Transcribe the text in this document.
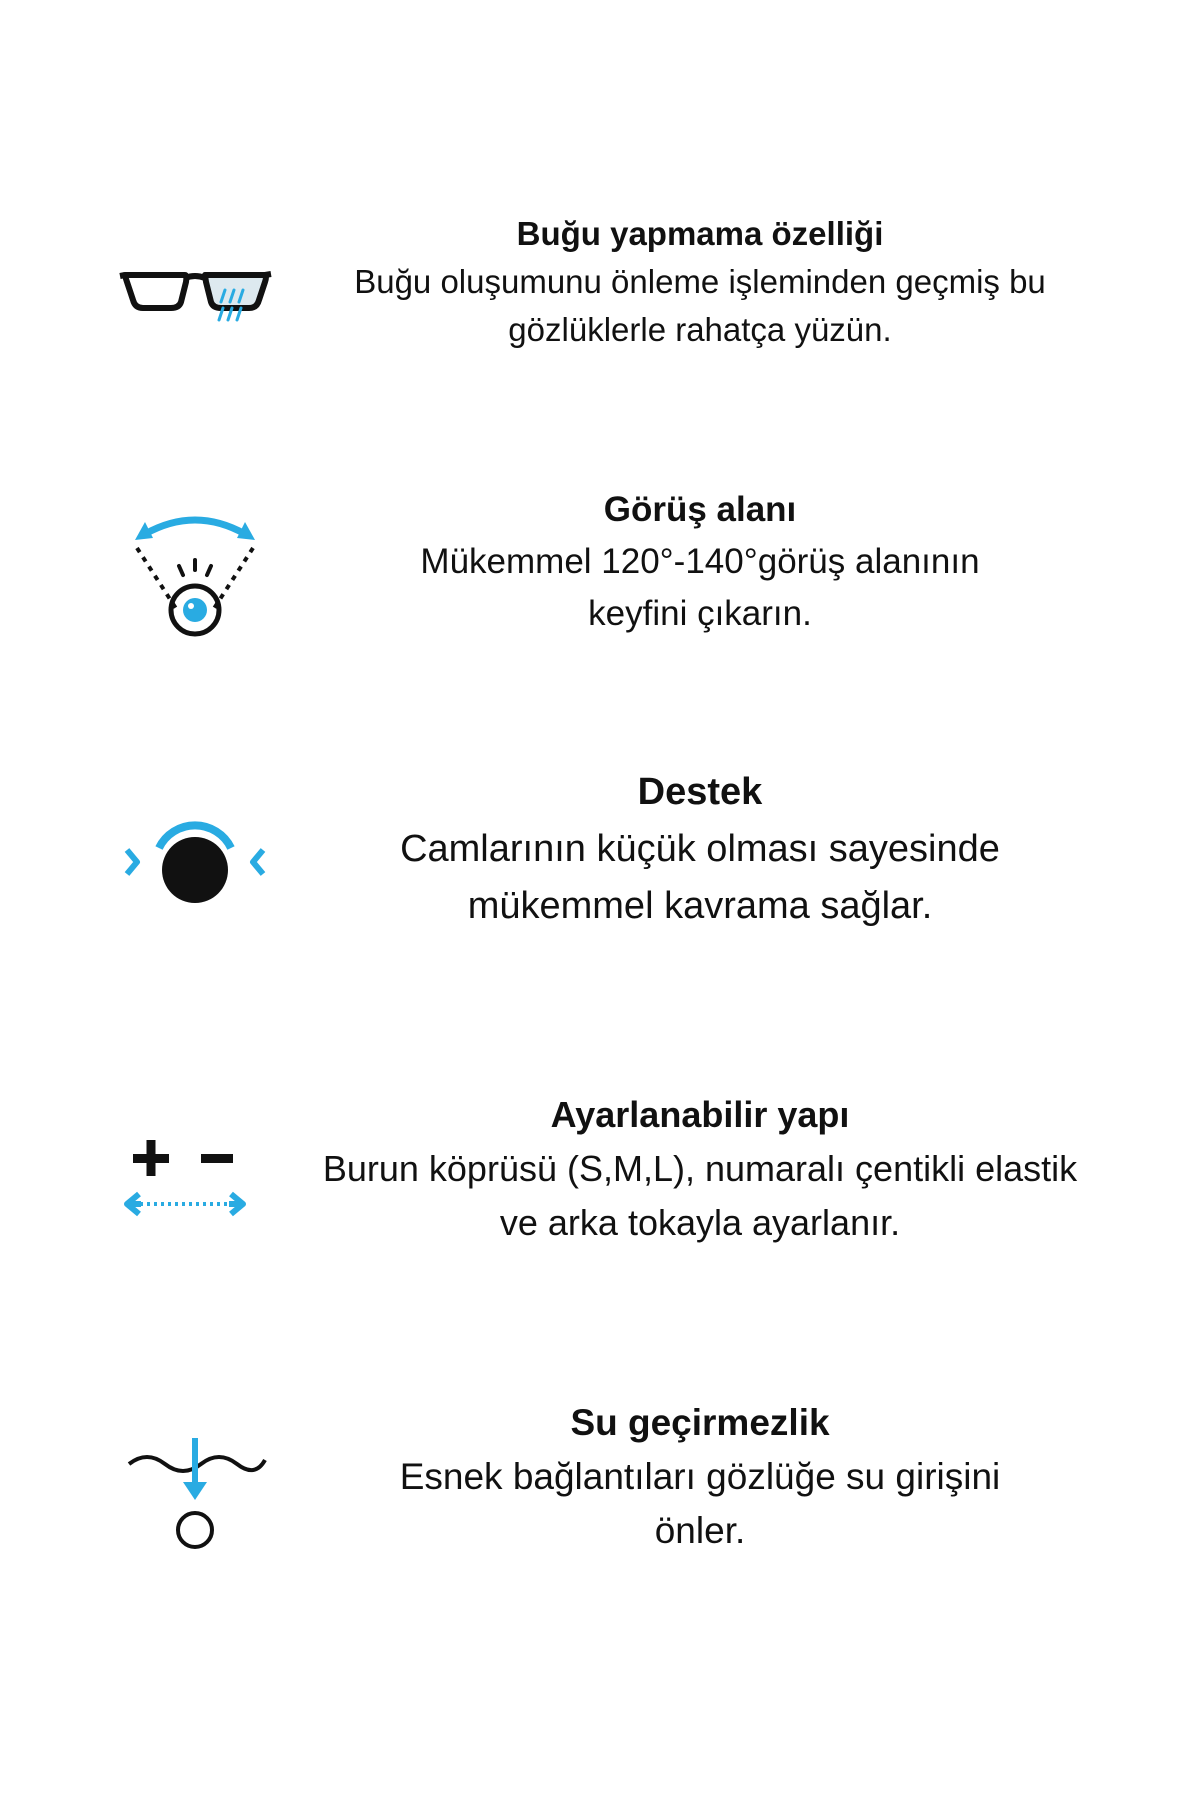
Buğu yapmama özelliği

Buğu oluşumunu önleme işleminden geçmiş bu

gözlüklerle rahatça yüzün.

Görüş alanı

Mükemmel 120°-140°görüş alanının

keyfini çıkarın.

Destek

Camlarının küçük olması sayesinde

mükemmel kavrama sağlar.

Ayarlanabilir yapı

Burun köprüsü (S,M,L), numaralı çentikli elastik

ve arka tokayla ayarlanır.

Su geçirmezlik

Esnek bağlantıları gözlüğe su girişini

önler.
